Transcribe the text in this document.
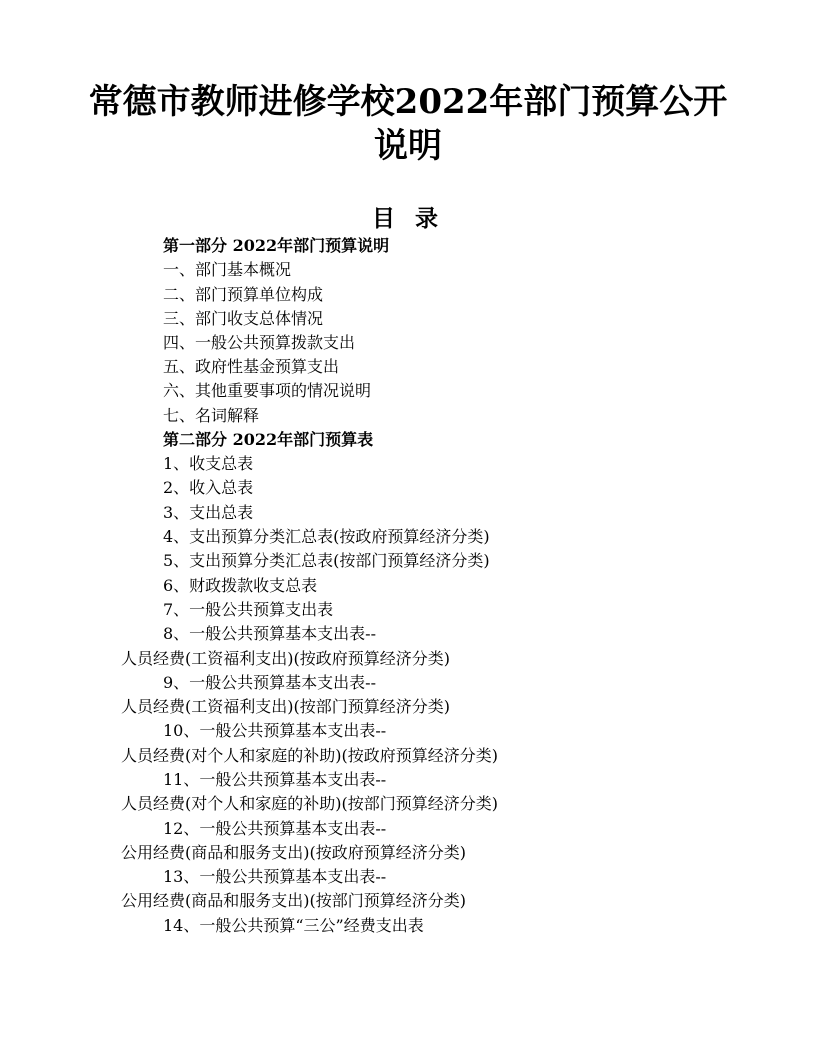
常德市教师进修学校2022年部门预算公开
说明
目 录
第一部分 2022年部门预算说明
一、部门基本概况
二、部门预算单位构成
三、部门收支总体情况
四、一般公共预算拨款支出
五、政府性基金预算支出
六、其他重要事项的情况说明
七、名词解释
第二部分 2022年部门预算表
1、收支总表
2、收入总表
3、支出总表
4、支出预算分类汇总表(按政府预算经济分类)
5、支出预算分类汇总表(按部门预算经济分类)
6、财政拨款收支总表
7、一般公共预算支出表
8、一般公共预算基本支出表--
人员经费(工资福利支出)(按政府预算经济分类)
9、一般公共预算基本支出表--
人员经费(工资福利支出)(按部门预算经济分类)
10、一般公共预算基本支出表--
人员经费(对个人和家庭的补助)(按政府预算经济分类)
11、一般公共预算基本支出表--
人员经费(对个人和家庭的补助)(按部门预算经济分类)
12、一般公共预算基本支出表--
公用经费(商品和服务支出)(按政府预算经济分类)
13、一般公共预算基本支出表--
公用经费(商品和服务支出)(按部门预算经济分类)
14、一般公共预算“三公”经费支出表
